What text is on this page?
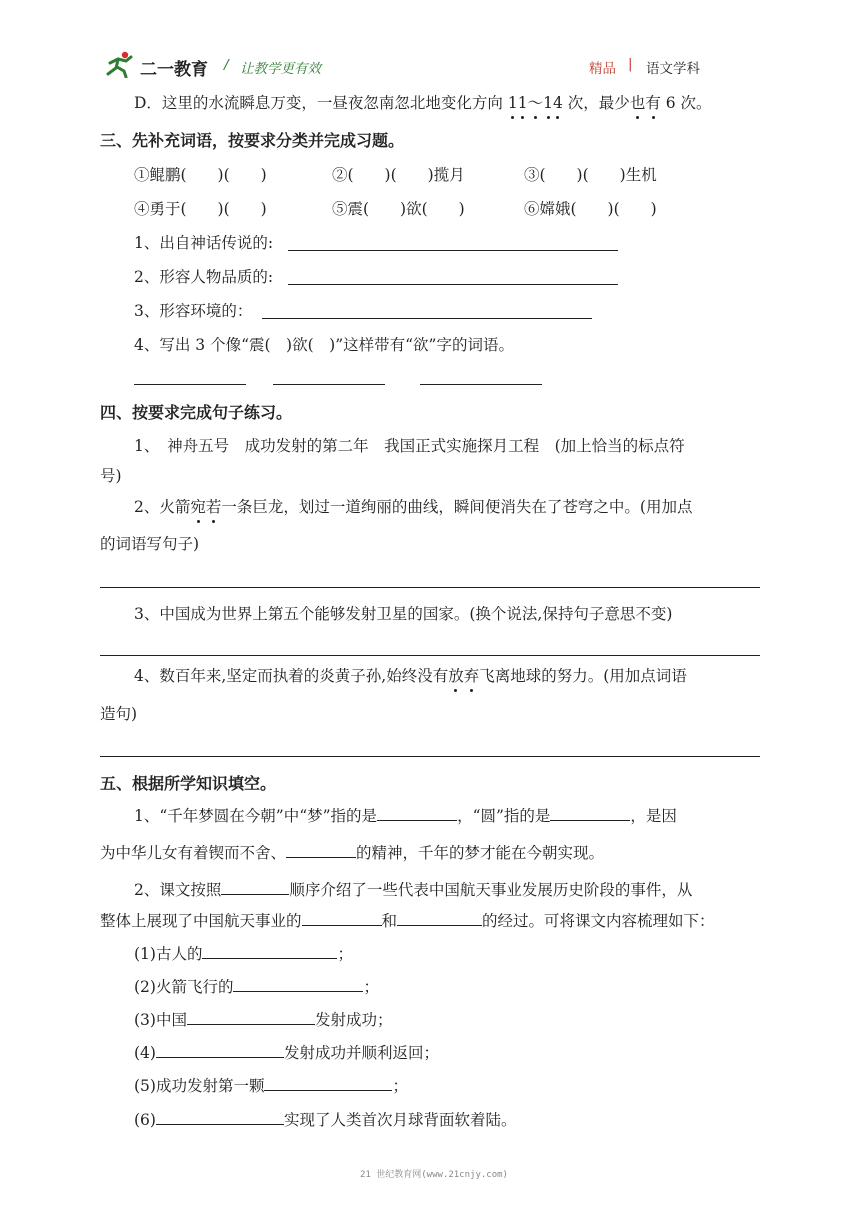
二一教育 / 让教学更有效	精品 | 语文学科
D．这里的水流瞬息万变，一昼夜忽南忽北地变化方向 11～14 次，最少也有 6 次。
三、先补充词语，按要求分类并完成习题。
①鲲鹏(　　)(　　)	②(　　)(　　)揽月	③(　　)(　　)生机
④勇于(　　)(　　)	⑤震(　　)欲(　　)	⑥嫦娥(　　)(　　)
1、出自神话传说的:
2、形容人物品质的:
3、形容环境的：
4、写出 3 个像“震(　)欲(　)”这样带有“欲”字的词语。
四、按要求完成句子练习。
1、　神舟五号　成功发射的第二年　我国正式实施探月工程　(加上恰当的标点符
号)
2、火箭宛若一条巨龙，划过一道绚丽的曲线，瞬间便消失在了苍穹之中。(用加点
的词语写句子)
3、中国成为世界上第五个能够发射卫星的国家。(换个说法,保持句子意思不变)
4、数百年来,坚定而执着的炎黄子孙,始终没有放弃飞离地球的努力。(用加点词语
造句)
五、根据所学知识填空。
1、“千年梦圆在今朝”中“梦”指的是	，“圆”指的是	，是因
为中华儿女有着锲而不舍、	的精神，千年的梦才能在今朝实现。
2、课文按照	顺序介绍了一些代表中国航天事业发展历史阶段的事件，从
整体上展现了中国航天事业的	和	的经过。可将课文内容梳理如下：
(1)古人的	；
(2)火箭飞行的	；
(3)中国	发射成功；
(4)	发射成功并顺利返回；
(5)成功发射第一颗	；
(6)	实现了人类首次月球背面软着陆。
21 世纪教育网(www.21cnjy.com)
